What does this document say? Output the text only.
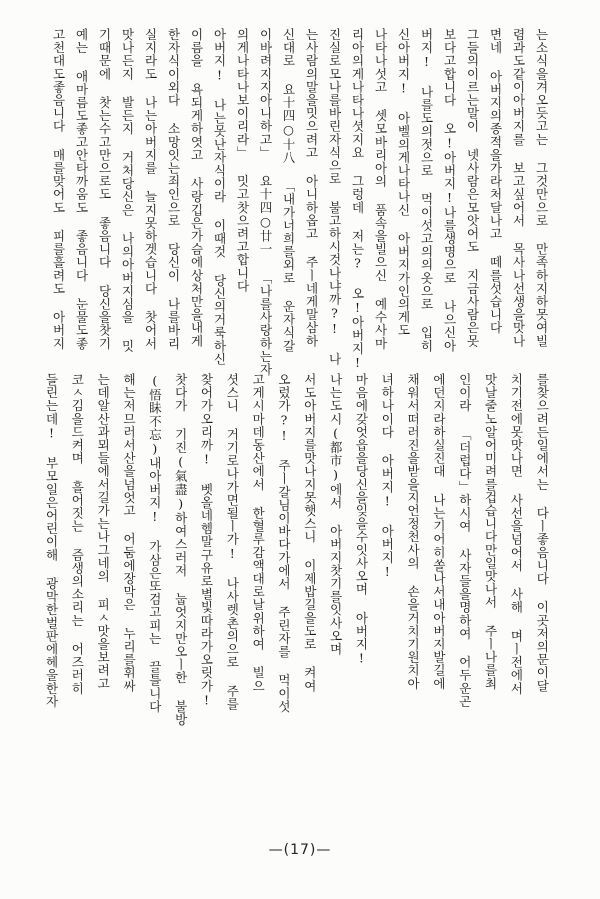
는소식을겨오듯고는 그것만으로 만족하지하못여빌
렴과도같이아버지를 보고싶어서 목사나선생을맛나
면네 아버지의종적을가라처달나고 떼를섯습니다
그들의이르는말이 넷사람은모앗어도 지금사람은못
보다고합니다 오!아버지!나를생명으로 나으신아
버지! 나를도의젓으로 먹이섯고의의옷으로 입히
신아버지! 아벨의게나타나신 아버지가인의게도
나타나섯고 셋모바리아의 품속을빌으신 예수사마
리아의게나타나셧지요 그렁데 저는? 오!아버지!
진실로모나를바린자식으로 불고하시것나냐까?! 나
는사람의말을밋으려고 아니하옵고 주ㅣ네게말삼하
신대로 요十四○十八 「내가너희를외로 운자식갈
이바려지지아니하고」 요十四○廿一 「나를사랑하는자
의게나타나보이리라」 밋고찻으려고합니다
아버지! 나는못난자식이라 이때것 당신의거룩하신
이름을 욕되게하엿고 사랑깁은가슴에상처만을내게
한자식이외다 소망잇는죄인으로 당신이 나를바리
실지라도 나는아버지를 늘지못하겟습니다 찻어서
맛나든지 발든지 거처당신은 나의아버지심을 밋
기때문에 찻는수고만으로도 좋음니다 당신을찻기
예는 애마름도좋고안타까움도 좋음니다 눈물도좋
고천대도좋음니다 매를맞어도 피를흘려도 아버지
를찾으려든일에서는 다ㅣ좋음니다 이곳저의문이달
치기전에못맛나면 사선을넘어서 사해 며ㅣ전에서
맛날줄노알어미려를겁습니다만일맛나서 주ㅣ나를최
인이라 「더럽다」하시여 사자들을명하여 어두운곤
에던지라하실진대 나는기어히쏠나서내아버지발길에
채워서떠러진을받을지언정천사의 손을거치기원치아
녀하나이다 아버지! 아버지!
마음에갖엇읍을당신을잊을수잇사오며 아버지!
나는도시(都市)에서 아버지찻기를잇사오며
서도아버지를맛나지못햇스니 이제밥길을도로 켜여
오렀가?! 주ㅣ갈님이바다가에서 주린자를 먹이섯
고게시마데동산에서 한혈루감액대로날위하여 빌으
셧스니 거기로나가면될ㅣ가! 나사렛촌의으로 주를
찾어가오리까! 벳올네헴말구유로별빛따라가오릿가!
찻다가 기진(氣盡)하여스러저 눕엇지만오ㅣ한 불방
(悟眛不忘)내아버지! 가삼은또검고피는 끌틀니다
해는저므러서산을넘엇고 어둠에장막은 누리를휘싸
는데알산과뫼들에서길가는나그네의 피ㅅ맛을보려고
코ㅅ김을드켜며 흘어짓는 즘생의소리는 어즈러히
들린는데! 부모일은어린이해 광막한벌판에헤울한자
—(17)—
